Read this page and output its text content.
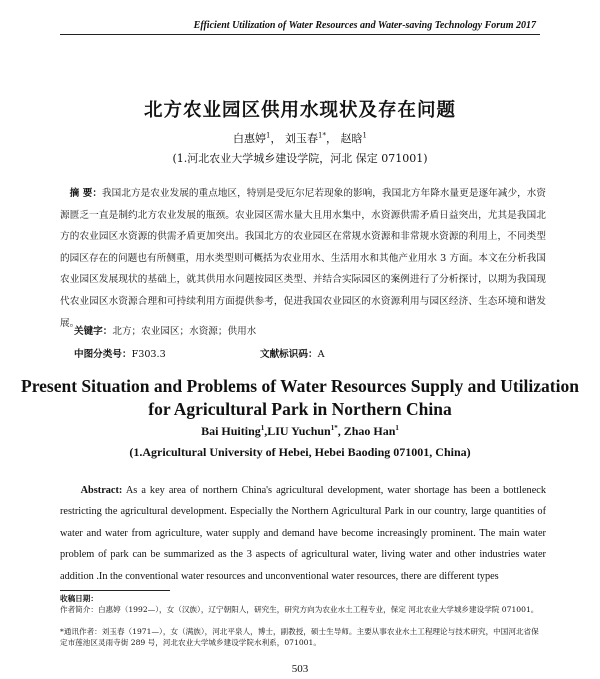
Efficient Utilization of Water Resources and Water-saving Technology Forum 2017
北方农业园区供用水现状及存在问题
白惠婷$^1$， 刘玉春$^{1*}$， 赵晗$^1$
(1.河北农业大学城乡建设学院，河北 保定 071001)
 摘 要：我国北方是农业发展的重点地区，特别是受厄尔尼若现象的影响，我国北方年降水量更是逐年减少，水资源匮乏一直是制约北方农业发展的瓶颈。农业园区需水量大且用水集中，水资源供需矛盾日益突出，尤其是我国北方的农业园区水资源的供需矛盾更加突出。我国北方的农业园区在常规水资源和非常规水资源的利用上，不同类型的园区存在的问题也有所侧重，用水类型则可概括为农业用水、生活用水和其他产业用水 3 方面。本文在分析我国农业园区发展现状的基础上，就其供用水问题按园区类型、并结合实际园区的案例进行了分析探讨，以期为我国现代农业园区水资源合理和可持续利用方面提供参考，促进我国农业园区的水资源利用与园区经济、生态环境和谐发展。
关键字：北方；农业园区；水资源；供用水
中图分类号：F303.3	文献标识码：A
Present Situation and Problems of Water Resources Supply and Utilization
for Agricultural Park in Northern China
Bai Huiting$^1$,LIU Yuchun$^{1*}$, Zhao Han$^1$
(1.Agricultural University of Hebei, Hebei Baoding 071001, China)
  Abstract: As a key area of northern China's agricultural development, water shortage has been a bottleneck restricting the agricultural development. Especially the Northern Agricultural Park in our country, large quantities of water and water from agriculture, water supply and demand have become increasingly prominent. The main water problem of park can be summarized as the 3 aspects of agricultural water, living water and other industries water addition .In the conventional water resources and unconventional water resources, there are different types
收稿日期：
作者简介：白惠婷（1992—），女（汉族），辽宁朝阳人，研究生，研究方向为农业水土工程专业，保定 河北农业大学城乡建设学院 071001。
*通讯作者：刘玉春（1971—），女（满族），河北平泉人，博士，副教授，硕士生导师。主要从事农业水土工程理论与技术研究，中国河北省保定市莲池区灵雨寺街 289 号，河北农业大学城乡建设学院水利系，071001。
503
